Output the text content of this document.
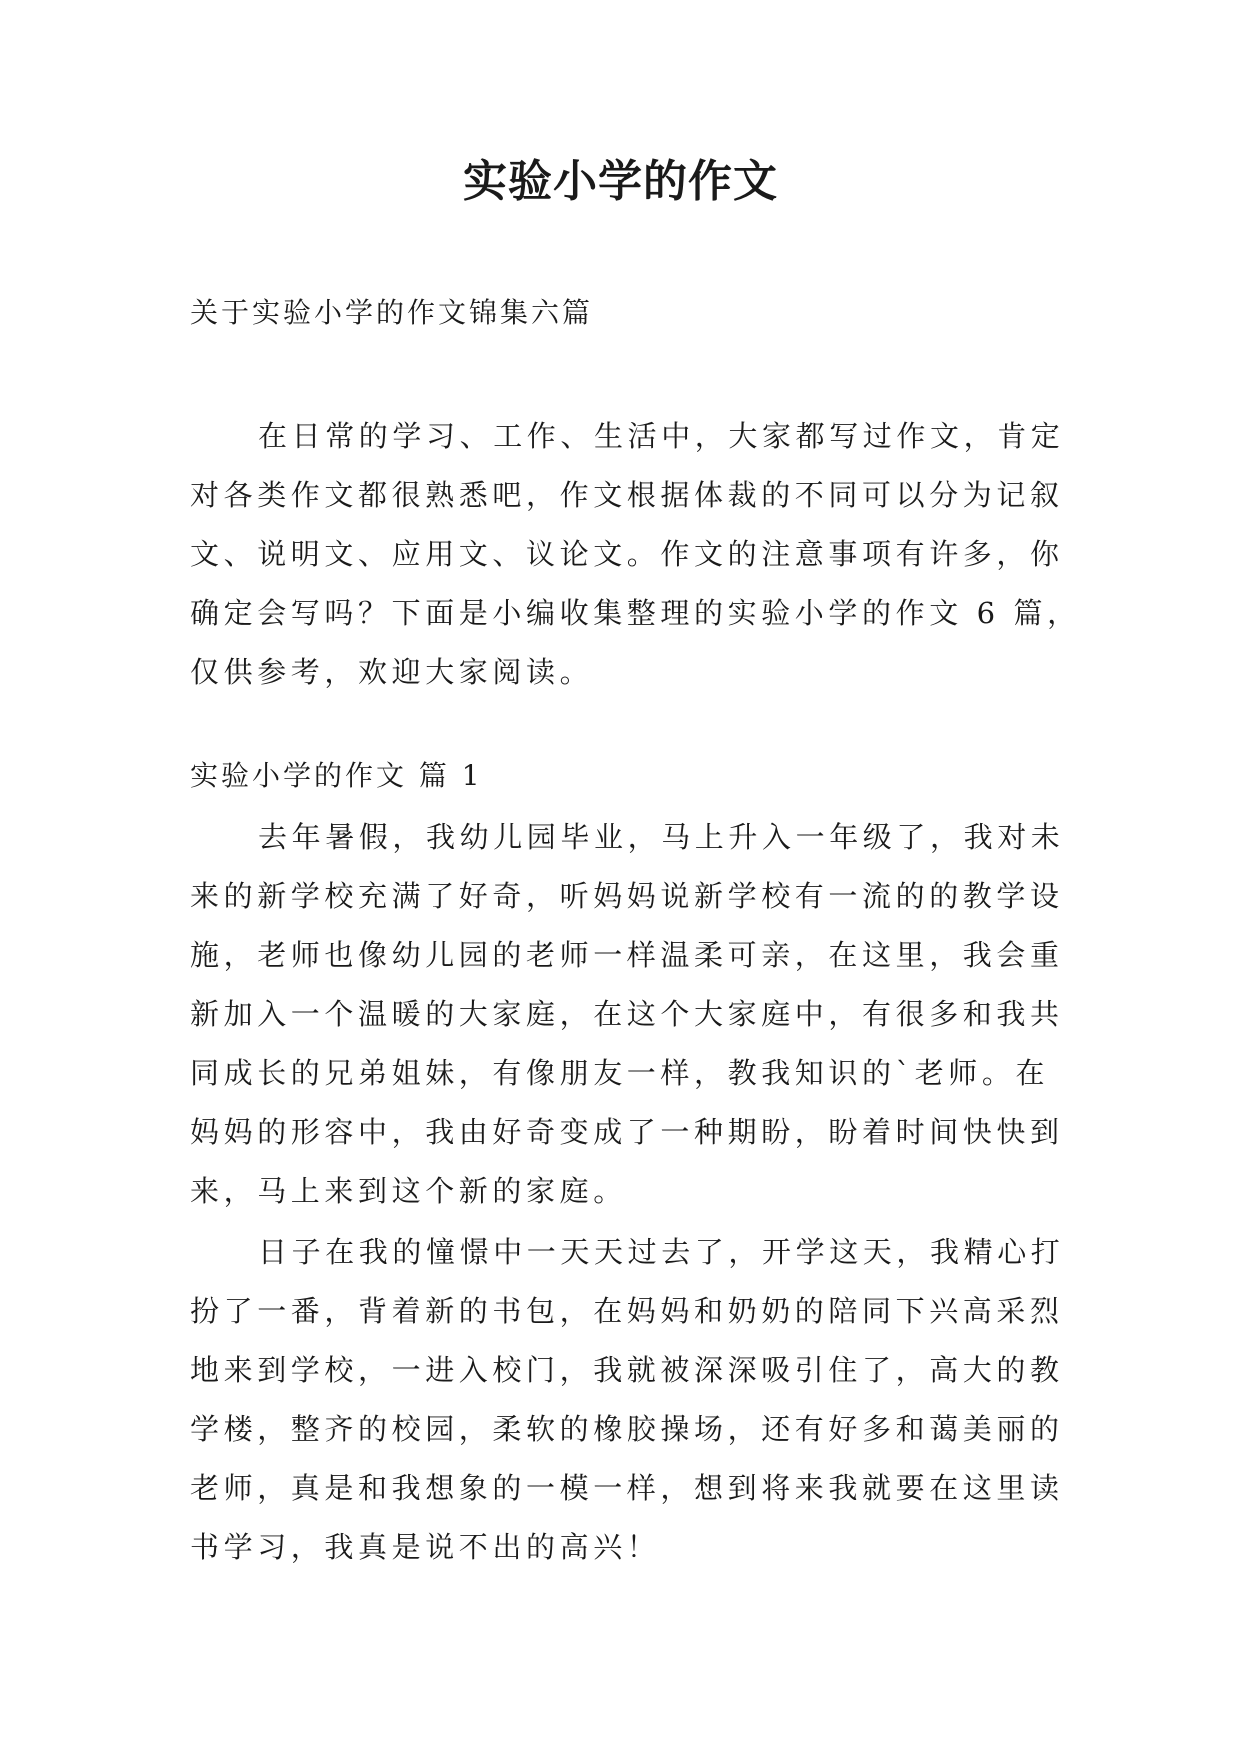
实验小学的作文
关于实验小学的作文锦集六篇
在日常的学习、工作、生活中，大家都写过作文，肯定
对各类作文都很熟悉吧，作文根据体裁的不同可以分为记叙
文、说明文、应用文、议论文。作文的注意事项有许多，你
确定会写吗？下面是小编收集整理的实验小学的作文 6 篇，
仅供参考，欢迎大家阅读。
实验小学的作文 篇 1
去年暑假，我幼儿园毕业，马上升入一年级了，我对未
来的新学校充满了好奇，听妈妈说新学校有一流的的教学设
施，老师也像幼儿园的老师一样温柔可亲，在这里，我会重
新加入一个温暖的大家庭，在这个大家庭中，有很多和我共
同成长的兄弟姐妹，有像朋友一样，教我知识的`老师。在
妈妈的形容中，我由好奇变成了一种期盼，盼着时间快快到
来，马上来到这个新的家庭。
日子在我的憧憬中一天天过去了，开学这天，我精心打
扮了一番，背着新的书包，在妈妈和奶奶的陪同下兴高采烈
地来到学校，一进入校门，我就被深深吸引住了，高大的教
学楼，整齐的校园，柔软的橡胶操场，还有好多和蔼美丽的
老师，真是和我想象的一模一样，想到将来我就要在这里读
书学习，我真是说不出的高兴！
